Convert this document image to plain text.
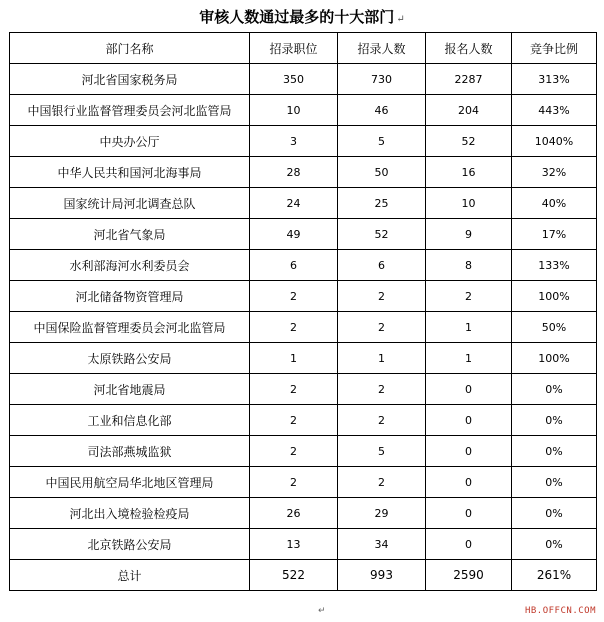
审核人数通过最多的十大部门 ↵
部门名称	招录职位	招录人数	报名人数	竞争比例
河北省国家税务局	350	730	2287	313%
中国银行业监督管理委员会河北监管局	10	46	204	443%
中央办公厅	3	5	52	1040%
中华人民共和国河北海事局	28	50	16	32%
国家统计局河北调查总队	24	25	10	40%
河北省气象局	49	52	9	17%
水利部海河水利委员会	6	6	8	133%
河北储备物资管理局	2	2	2	100%
中国保险监督管理委员会河北监管局	2	2	1	50%
太原铁路公安局	1	1	1	100%
河北省地震局	2	2	0	0%
工业和信息化部	2	2	0	0%
司法部燕城监狱	2	5	0	0%
中国民用航空局华北地区管理局	2	2	0	0%
河北出入境检验检疫局	26	29	0	0%
北京铁路公安局	13	34	0	0%
总计	522	993	2590	261%
↵	HB.OFFCN.COM
